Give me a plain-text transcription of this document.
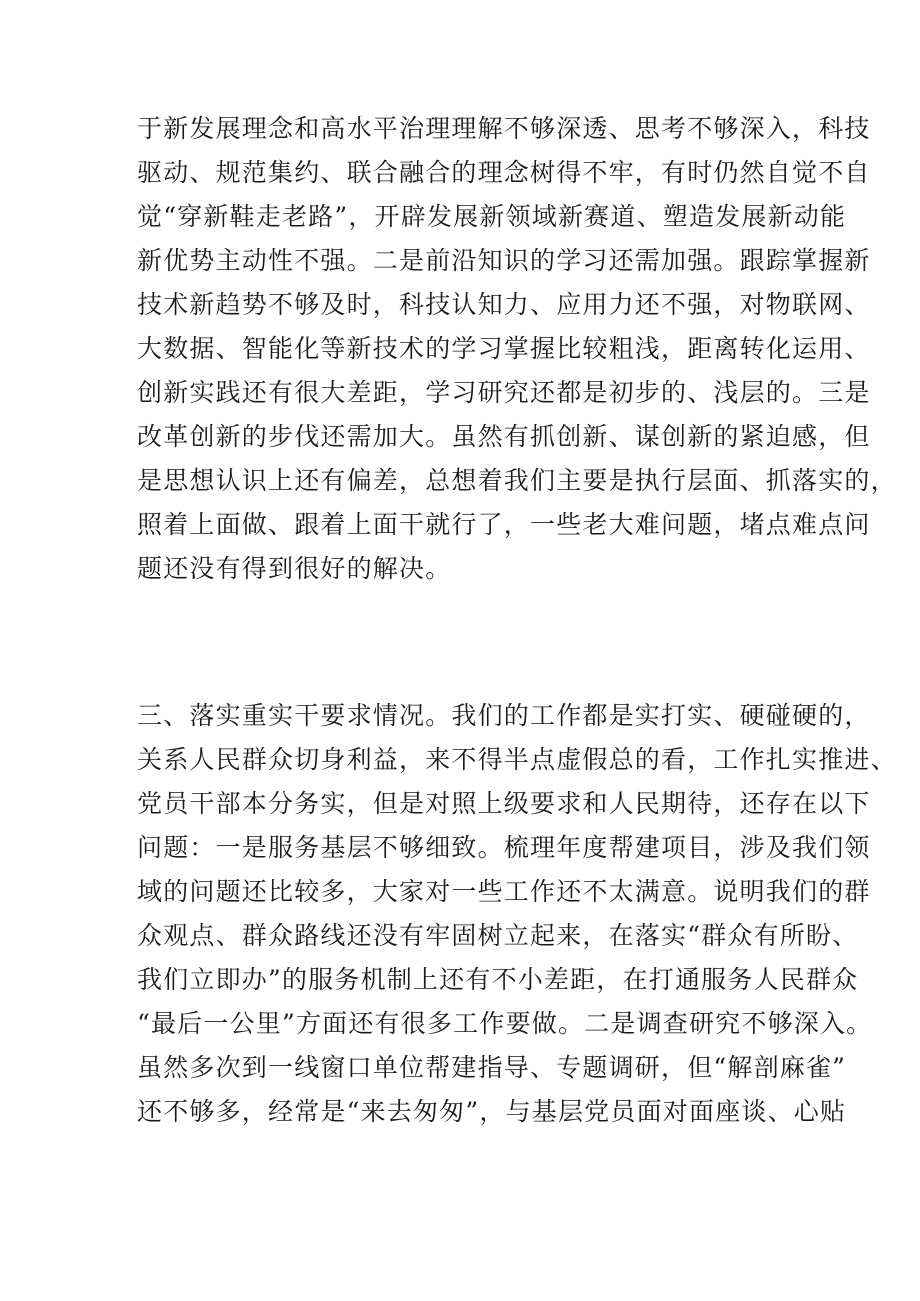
于新发展理念和高水平治理理解不够深透、思考不够深入，科技
驱动、规范集约、联合融合的理念树得不牢，有时仍然自觉不自
觉“穿新鞋走老路”，开辟发展新领域新赛道、塑造发展新动能
新优势主动性不强。二是前沿知识的学习还需加强。跟踪掌握新
技术新趋势不够及时，科技认知力、应用力还不强，对物联网、
大数据、智能化等新技术的学习掌握比较粗浅，距离转化运用、
创新实践还有很大差距，学习研究还都是初步的、浅层的。三是
改革创新的步伐还需加大。虽然有抓创新、谋创新的紧迫感，但
是思想认识上还有偏差，总想着我们主要是执行层面、抓落实的，
照着上面做、跟着上面干就行了，一些老大难问题，堵点难点问
题还没有得到很好的解决。
三、落实重实干要求情况。我们的工作都是实打实、硬碰硬的，
关系人民群众切身利益，来不得半点虚假总的看，工作扎实推进、
党员干部本分务实，但是对照上级要求和人民期待，还存在以下
问题：一是服务基层不够细致。梳理年度帮建项目，涉及我们领
域的问题还比较多，大家对一些工作还不太满意。说明我们的群
众观点、群众路线还没有牢固树立起来，在落实“群众有所盼、
我们立即办”的服务机制上还有不小差距，在打通服务人民群众
“最后一公里”方面还有很多工作要做。二是调查研究不够深入。
虽然多次到一线窗口单位帮建指导、专题调研，但“解剖麻雀”
还不够多，经常是“来去匆匆”，与基层党员面对面座谈、心贴
